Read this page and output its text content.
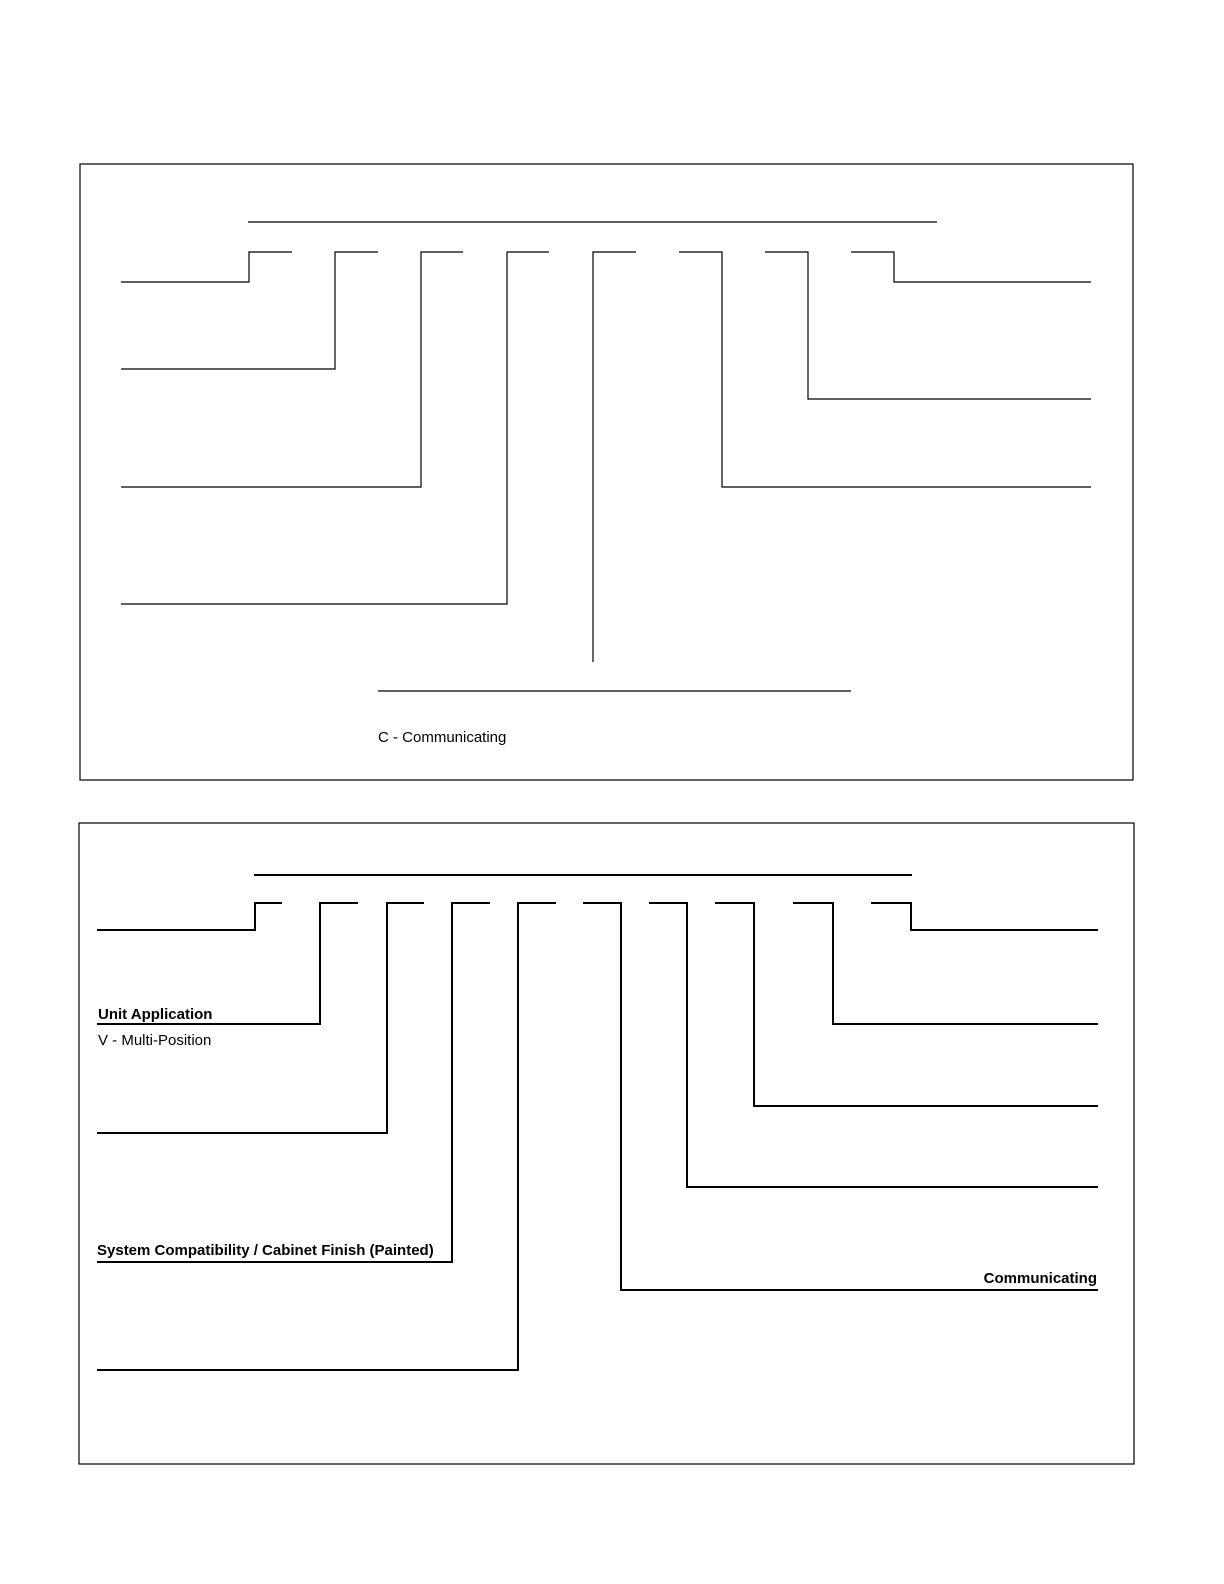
C - Communicating
Unit Application
V - Multi-Position
System Compatibility / Cabinet Finish (Painted)
Communicating
